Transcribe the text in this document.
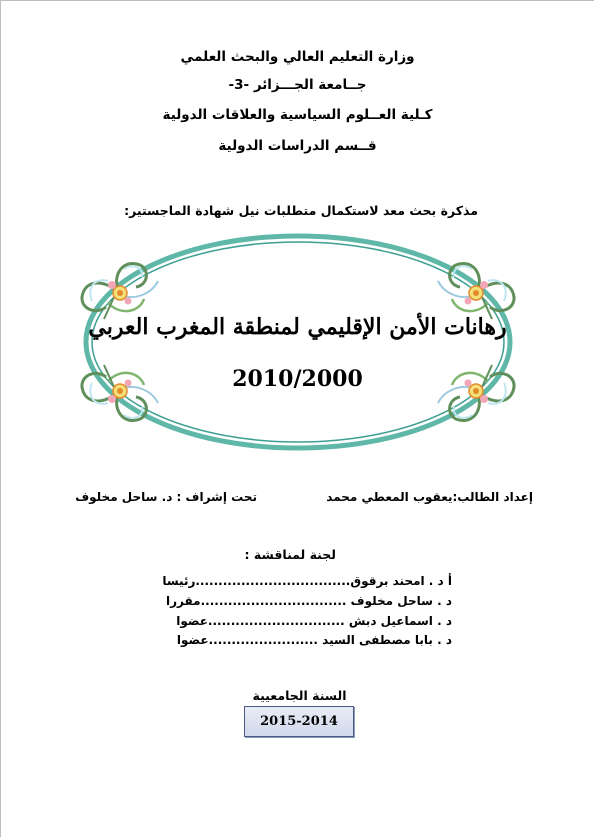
وزارة التعليم العالي والبحث العلمي
جــامعة الجـــزائر -3-
كـلية العــلوم السياسية والعلاقات الدولية
قــسم الدراسات الدولية
مذكرة بحث معد لاستكمال متطلبات نيل شهادة الماجستير:
رهانات الأمن الإقليمي لمنطقة المغرب العربي
2010/2000
إعداد الطالب:يعقوب المعطي محمد
تحت إشراف : د. ساحل مخلوف
لجنة لمناقشة :
أ د . امحند برقوق..................................رئيسا
د . ساحل مخلوف ................................مقررا
د . اسماعيل دبش ..............................عضوا
د . بابا مصطفى السيد ........................عضوا
السنة الجامعيية
2015-2014
